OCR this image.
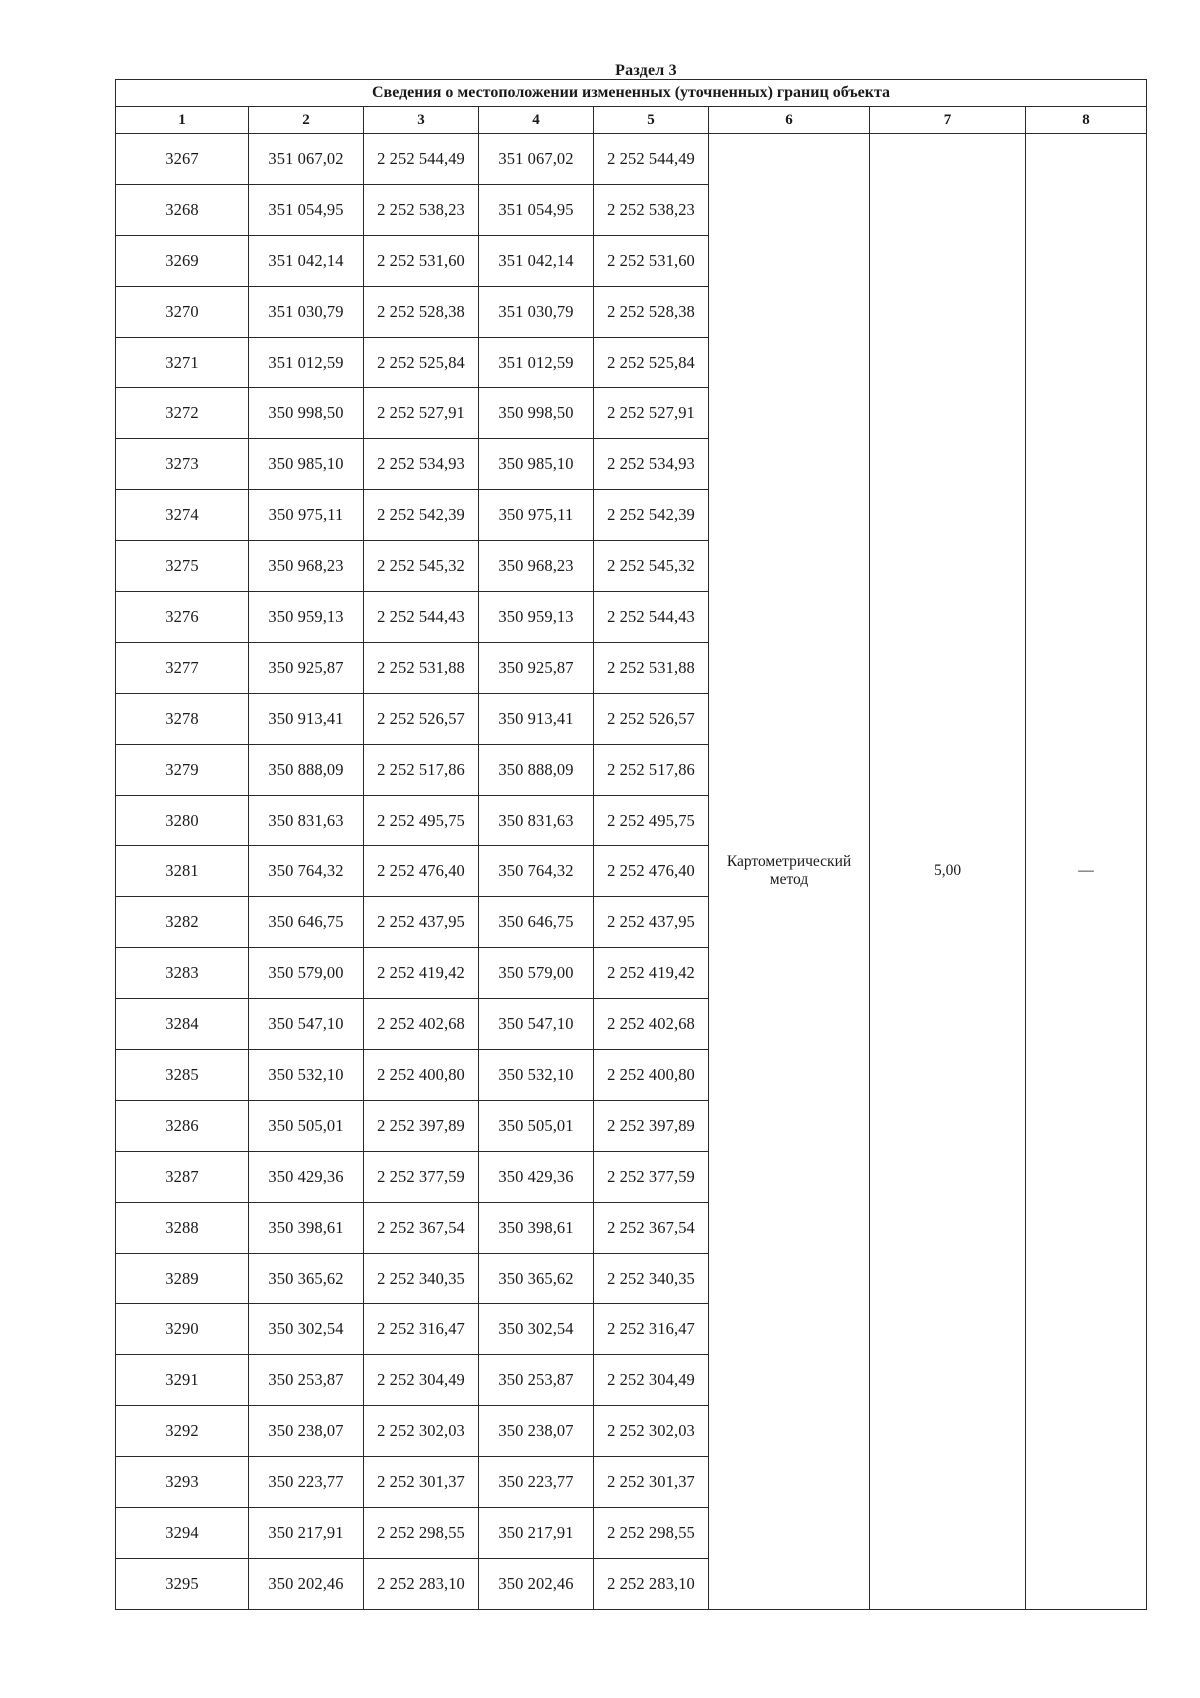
Раздел 3
Сведения о местоположении измененных (уточненных) границ объекта							
1	2	3	4	5	6	7	8
3267	351 067,02	2 252 544,49	351 067,02	2 252 544,49	Картометрический метод	5,00	—
3268	351 054,95	2 252 538,23	351 054,95	2 252 538,23			
3269	351 042,14	2 252 531,60	351 042,14	2 252 531,60			
3270	351 030,79	2 252 528,38	351 030,79	2 252 528,38			
3271	351 012,59	2 252 525,84	351 012,59	2 252 525,84			
3272	350 998,50	2 252 527,91	350 998,50	2 252 527,91			
3273	350 985,10	2 252 534,93	350 985,10	2 252 534,93			
3274	350 975,11	2 252 542,39	350 975,11	2 252 542,39			
3275	350 968,23	2 252 545,32	350 968,23	2 252 545,32			
3276	350 959,13	2 252 544,43	350 959,13	2 252 544,43			
3277	350 925,87	2 252 531,88	350 925,87	2 252 531,88			
3278	350 913,41	2 252 526,57	350 913,41	2 252 526,57			
3279	350 888,09	2 252 517,86	350 888,09	2 252 517,86			
3280	350 831,63	2 252 495,75	350 831,63	2 252 495,75			
3281	350 764,32	2 252 476,40	350 764,32	2 252 476,40			
3282	350 646,75	2 252 437,95	350 646,75	2 252 437,95			
3283	350 579,00	2 252 419,42	350 579,00	2 252 419,42			
3284	350 547,10	2 252 402,68	350 547,10	2 252 402,68			
3285	350 532,10	2 252 400,80	350 532,10	2 252 400,80			
3286	350 505,01	2 252 397,89	350 505,01	2 252 397,89			
3287	350 429,36	2 252 377,59	350 429,36	2 252 377,59			
3288	350 398,61	2 252 367,54	350 398,61	2 252 367,54			
3289	350 365,62	2 252 340,35	350 365,62	2 252 340,35			
3290	350 302,54	2 252 316,47	350 302,54	2 252 316,47			
3291	350 253,87	2 252 304,49	350 253,87	2 252 304,49			
3292	350 238,07	2 252 302,03	350 238,07	2 252 302,03			
3293	350 223,77	2 252 301,37	350 223,77	2 252 301,37			
3294	350 217,91	2 252 298,55	350 217,91	2 252 298,55			
3295	350 202,46	2 252 283,10	350 202,46	2 252 283,10			
